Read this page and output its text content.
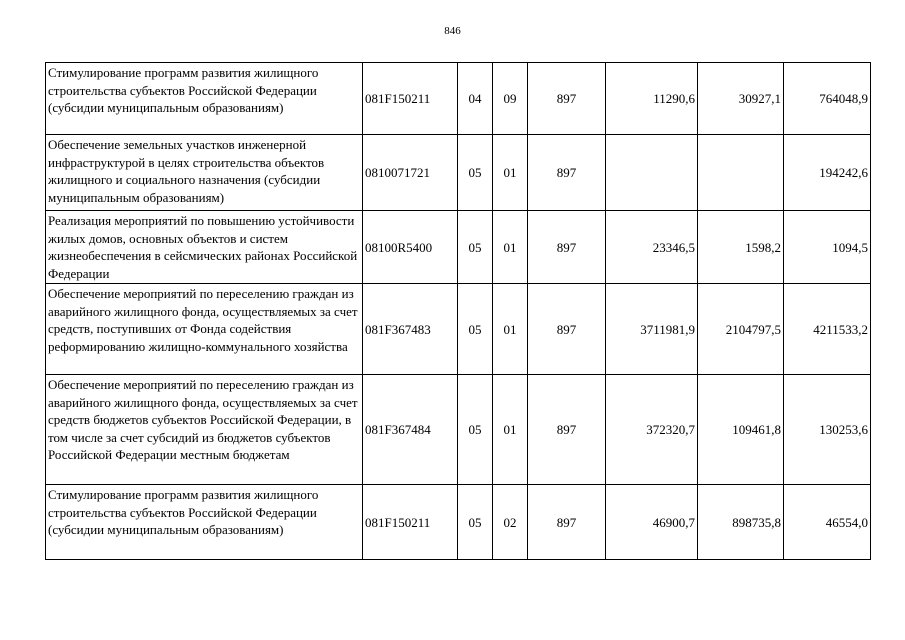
846
Стимулирование программ развития жилищного строительства субъектов Российской Федерации (субсидии муниципальным образованиям)	081F150211	04	09	897	11290,6	30927,1	764048,9
Обеспечение земельных участков инженерной инфраструктурой в целях строительства объектов жилищного и социального назначения (субсидии муниципальным образованиям)	0810071721	05	01	897			194242,6
Реализация мероприятий по повышению устойчивости жилых домов, основных объектов и систем жизнеобеспечения в сейсмических районах Российской Федерации	08100R5400	05	01	897	23346,5	1598,2	1094,5
Обеспечение мероприятий по переселению граждан из аварийного жилищного фонда, осуществляемых за счет средств, поступивших от Фонда содействия реформированию жилищно-коммунального хозяйства	081F367483	05	01	897	3711981,9	2104797,5	4211533,2
Обеспечение мероприятий по переселению граждан из аварийного жилищного фонда, осуществляемых за счет средств бюджетов субъектов Российской Федерации, в том числе за счет субсидий из бюджетов субъектов Российской Федерации местным бюджетам	081F367484	05	01	897	372320,7	109461,8	130253,6
Стимулирование программ развития жилищного строительства субъектов Российской Федерации (субсидии муниципальным образованиям)	081F150211	05	02	897	46900,7	898735,8	46554,0
